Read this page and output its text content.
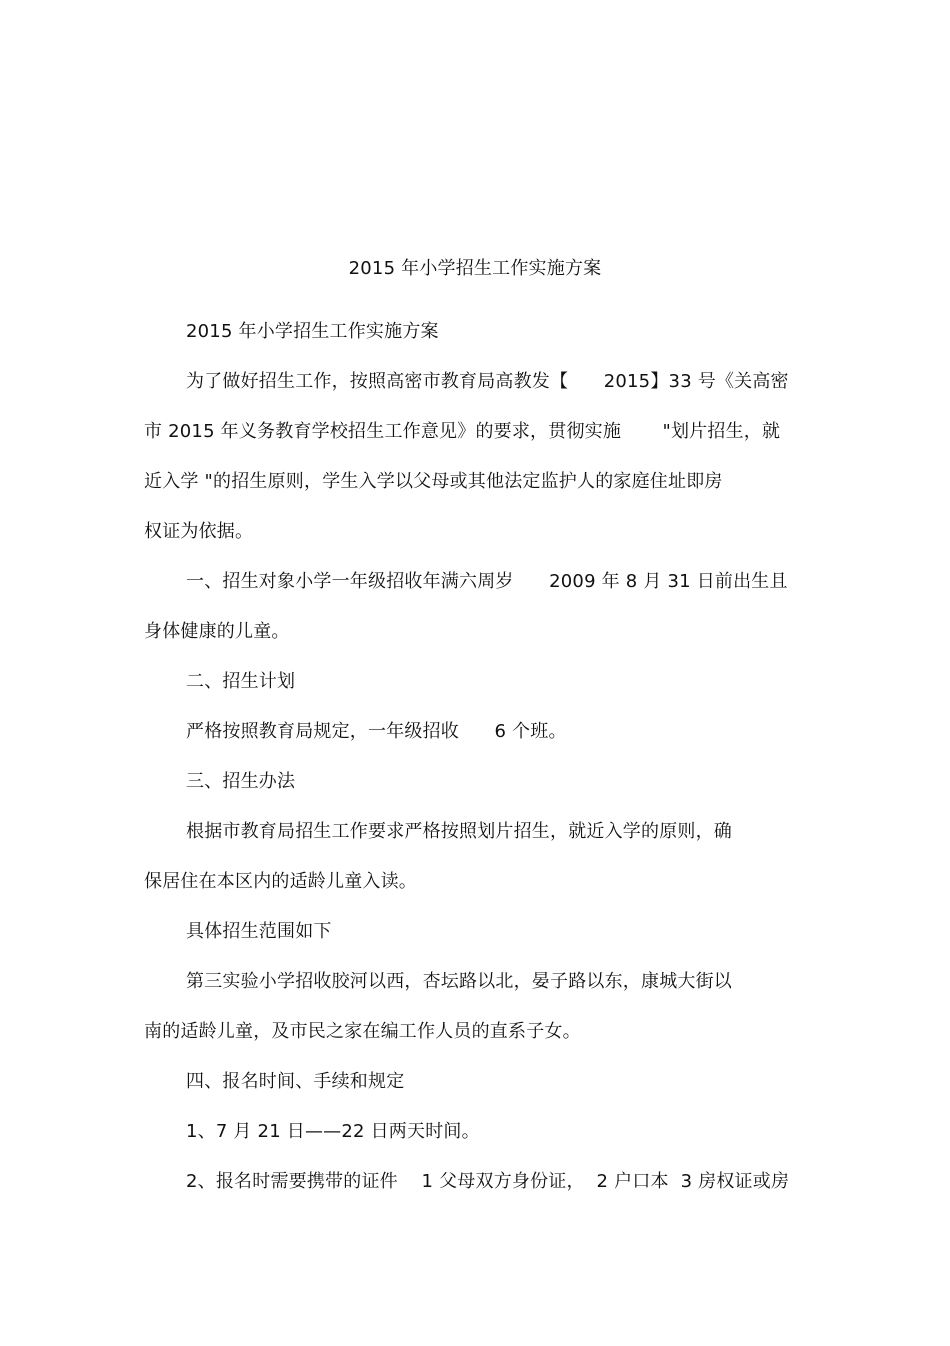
2015 年小学招生工作实施方案
2015 年小学招生工作实施方案
为了做好招生工作，按照高密市教育局高教发【      2015】33 号《关高密
市 2015 年义务教育学校招生工作意见》的要求，贯彻实施       "划片招生，就
近入学 "的招生原则，学生入学以父母或其他法定监护人的家庭住址即房
权证为依据。
一、招生对象小学一年级招收年满六周岁      2009 年 8 月 31 日前出生且
身体健康的儿童。
二、招生计划
严格按照教育局规定，一年级招收      6 个班。
三、招生办法
根据市教育局招生工作要求严格按照划片招生，就近入学的原则，确
保居住在本区内的适龄儿童入读。
具体招生范围如下
第三实验小学招收胶河以西，杏坛路以北，晏子路以东，康城大街以
南的适龄儿童，及市民之家在编工作人员的直系子女。
四、报名时间、手续和规定
1、7 月 21 日——22 日两天时间。
2、报名时需要携带的证件    1 父母双方身份证，  2 户口本  3 房权证或房
